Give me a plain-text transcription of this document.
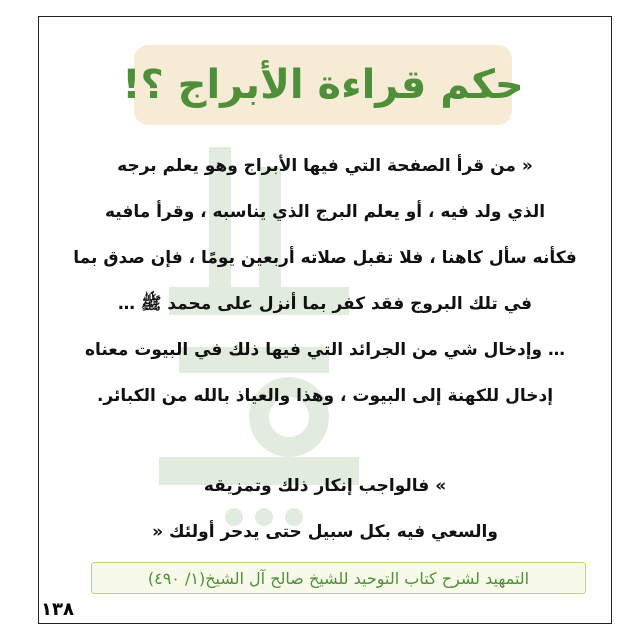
حكم قراءة الأبراج ؟!
« من قرأ الصفحة التي فيها الأبراج وهو يعلم برجه
الذي ولد فيه ، أو يعلم البرج الذي يناسبه ، وقرأ مافيه
فكأنه سأل كاهنا ، فلا تقبل صلاته أربعين يومًا ، فإن صدق بما
في تلك البروج فقد كفر بما أنزل على محمد ﷺ …
… وإدخال شي من الجرائد التي فيها ذلك في البيوت معناه
إدخال للكهنة إلى البيوت ، وهذا والعياذ بالله من الكبائر.
» فالواجب إنكار ذلك وتمزيقه
والسعي فيه بكل سبيل حتى يدحر أولئك «
التمهيد لشرح كتاب التوحيد للشيخ صالح آل الشيخ(١/ ٤٩٠)
١٣٨
